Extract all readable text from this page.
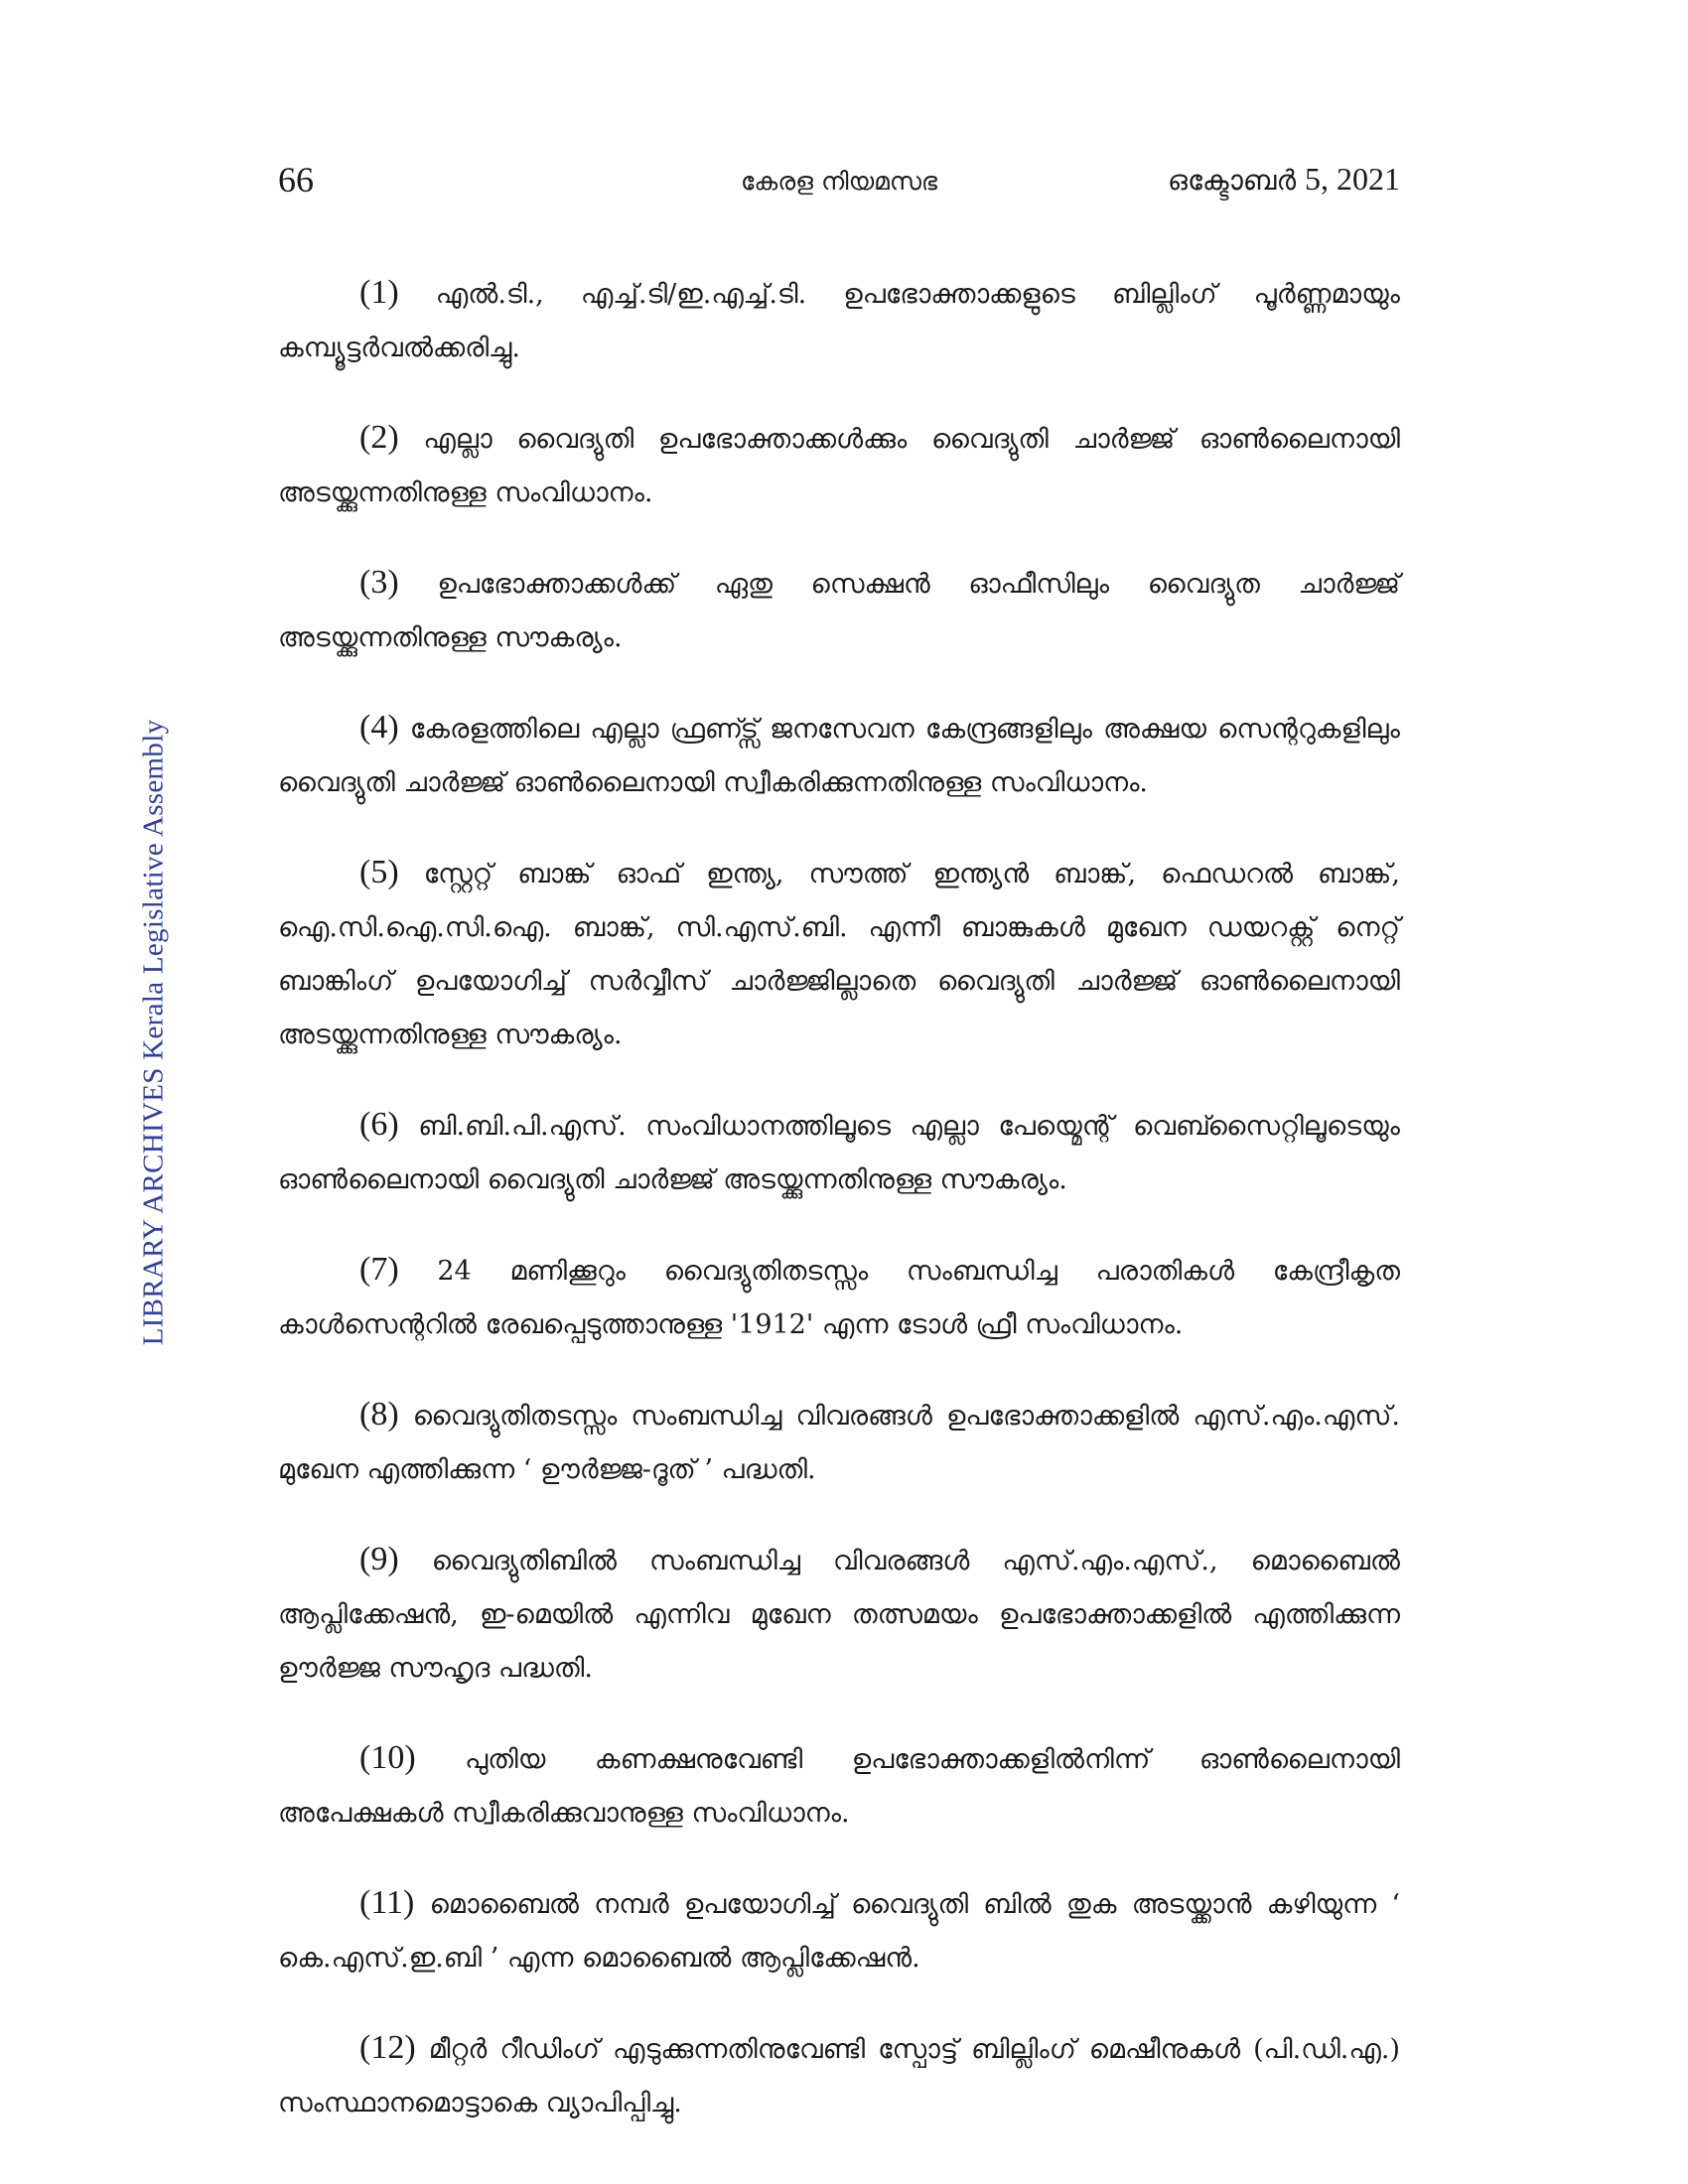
66	കേരള നിയമസഭ	ഒക്ടോബർ 5, 2021
LIBRARY ARCHIVES Kerala Legislative Assembly

(1) എൽ.ടി., എച്ച്.ടി/ഇ.എച്ച്.ടി. ഉപഭോക്താക്കളുടെ ബില്ലിംഗ് പൂർണ്ണമായും കമ്പ്യൂട്ടർവൽക്കരിച്ചു.

(2) എല്ലാ വൈദ്യുതി ഉപഭോക്താക്കൾക്കും വൈദ്യുതി ചാർജ്ജ് ഓൺലൈനായി അടയ്ക്കുന്നതിനുള്ള സംവിധാനം.

(3) ഉപഭോക്താക്കൾക്ക് ഏതു സെക്ഷൻ ഓഫീസിലും വൈദ്യുത ചാർജ്ജ് അടയ്ക്കുന്നതിനുള്ള സൗകര്യം.

(4) കേരളത്തിലെ എല്ലാ ഫ്രണ്ട്സ് ജനസേവന കേന്ദ്രങ്ങളിലും അക്ഷയ സെന്ററുകളിലും വൈദ്യുതി ചാർജ്ജ് ഓൺലൈനായി സ്വീകരിക്കുന്നതിനുള്ള സംവിധാനം.

(5) സ്റ്റേറ്റ് ബാങ്ക് ഓഫ് ഇന്ത്യ, സൗത്ത് ഇന്ത്യൻ ബാങ്ക്, ഫെഡറൽ ബാങ്ക്, ഐ.സി.ഐ.സി.ഐ. ബാങ്ക്, സി.എസ്.ബി. എന്നീ ബാങ്കുകൾ മുഖേന ഡയറക്റ്റ് നെറ്റ് ബാങ്കിംഗ് ഉപയോഗിച്ച് സർവ്വീസ് ചാർജ്ജില്ലാതെ വൈദ്യുതി ചാർജ്ജ് ഓൺലൈനായി അടയ്ക്കുന്നതിനുള്ള സൗകര്യം.

(6) ബി.ബി.പി.എസ്. സംവിധാനത്തിലൂടെ എല്ലാ പേയ്മെന്റ് വെബ്സൈറ്റിലൂടെയും ഓൺലൈനായി വൈദ്യുതി ചാർജ്ജ് അടയ്ക്കുന്നതിനുള്ള സൗകര്യം.

(7) 24 മണിക്കൂറും വൈദ്യുതിതടസ്സം സംബന്ധിച്ച പരാതികൾ കേന്ദ്രീകൃത കാൾസെന്ററിൽ രേഖപ്പെടുത്താനുള്ള '1912' എന്ന ടോൾ ഫ്രീ സംവിധാനം.

(8) വൈദ്യുതിതടസ്സം സംബന്ധിച്ച വിവരങ്ങൾ ഉപഭോക്താക്കളിൽ എസ്.എം.എസ്. മുഖേന എത്തിക്കുന്ന ‘ ഊർജ്ജ-ദൂത് ’ പദ്ധതി.

(9) വൈദ്യുതിബിൽ സംബന്ധിച്ച വിവരങ്ങൾ എസ്.എം.എസ്., മൊബൈൽ ആപ്ലിക്കേഷൻ, ഇ-മെയിൽ എന്നിവ മുഖേന തത്സമയം ഉപഭോക്താക്കളിൽ എത്തിക്കുന്ന ഊർജ്ജ സൗഹൃദ പദ്ധതി.

(10) പുതിയ കണക്ഷനുവേണ്ടി ഉപഭോക്താക്കളിൽനിന്ന് ഓൺലൈനായി അപേക്ഷകൾ സ്വീകരിക്കുവാനുള്ള സംവിധാനം.

(11) മൊബൈൽ നമ്പർ ഉപയോഗിച്ച് വൈദ്യുതി ബിൽ തുക അടയ്ക്കാൻ കഴിയുന്ന ‘ കെ.എസ്.ഇ.ബി ’ എന്ന മൊബൈൽ ആപ്ലിക്കേഷൻ.

(12) മീറ്റർ റീഡിംഗ് എടുക്കുന്നതിനുവേണ്ടി സ്പോട്ട് ബില്ലിംഗ് മെഷീനുകൾ (പി.ഡി.എ.) സംസ്ഥാനമൊട്ടാകെ വ്യാപിപ്പിച്ചു.
